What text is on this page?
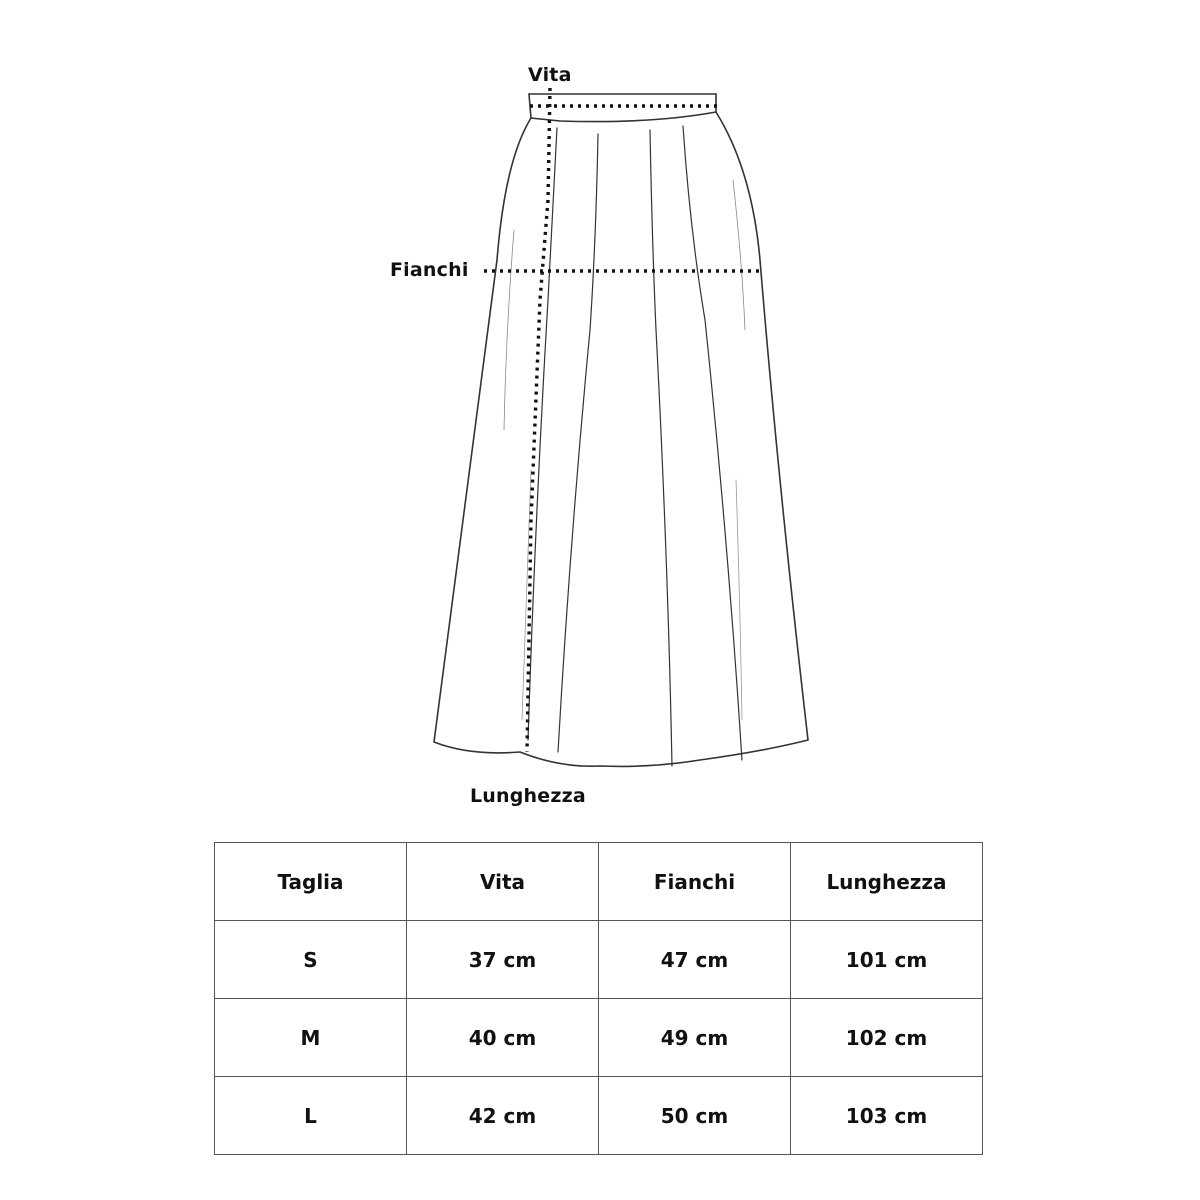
Vita
Fianchi
Lunghezza
Taglia	Vita	Fianchi	Lunghezza
S	37 cm	47 cm	101 cm
M	40 cm	49 cm	102 cm
L	42 cm	50 cm	103 cm
